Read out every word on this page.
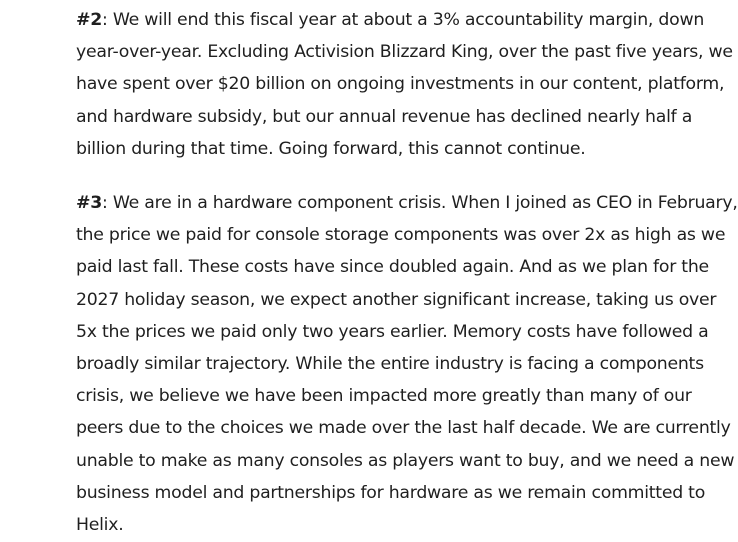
#2: We will end this fiscal year at about a 3% accountability margin, down
year-over-year. Excluding Activision Blizzard King, over the past five years, we
have spent over $20 billion on ongoing investments in our content, platform,
and hardware subsidy, but our annual revenue has declined nearly half a
billion during that time. Going forward, this cannot continue.

#3: We are in a hardware component crisis. When I joined as CEO in February,
the price we paid for console storage components was over 2x as high as we
paid last fall. These costs have since doubled again. And as we plan for the
2027 holiday season, we expect another significant increase, taking us over
5x the prices we paid only two years earlier. Memory costs have followed a
broadly similar trajectory. While the entire industry is facing a components
crisis, we believe we have been impacted more greatly than many of our
peers due to the choices we made over the last half decade. We are currently
unable to make as many consoles as players want to buy, and we need a new
business model and partnerships for hardware as we remain committed to
Helix.
